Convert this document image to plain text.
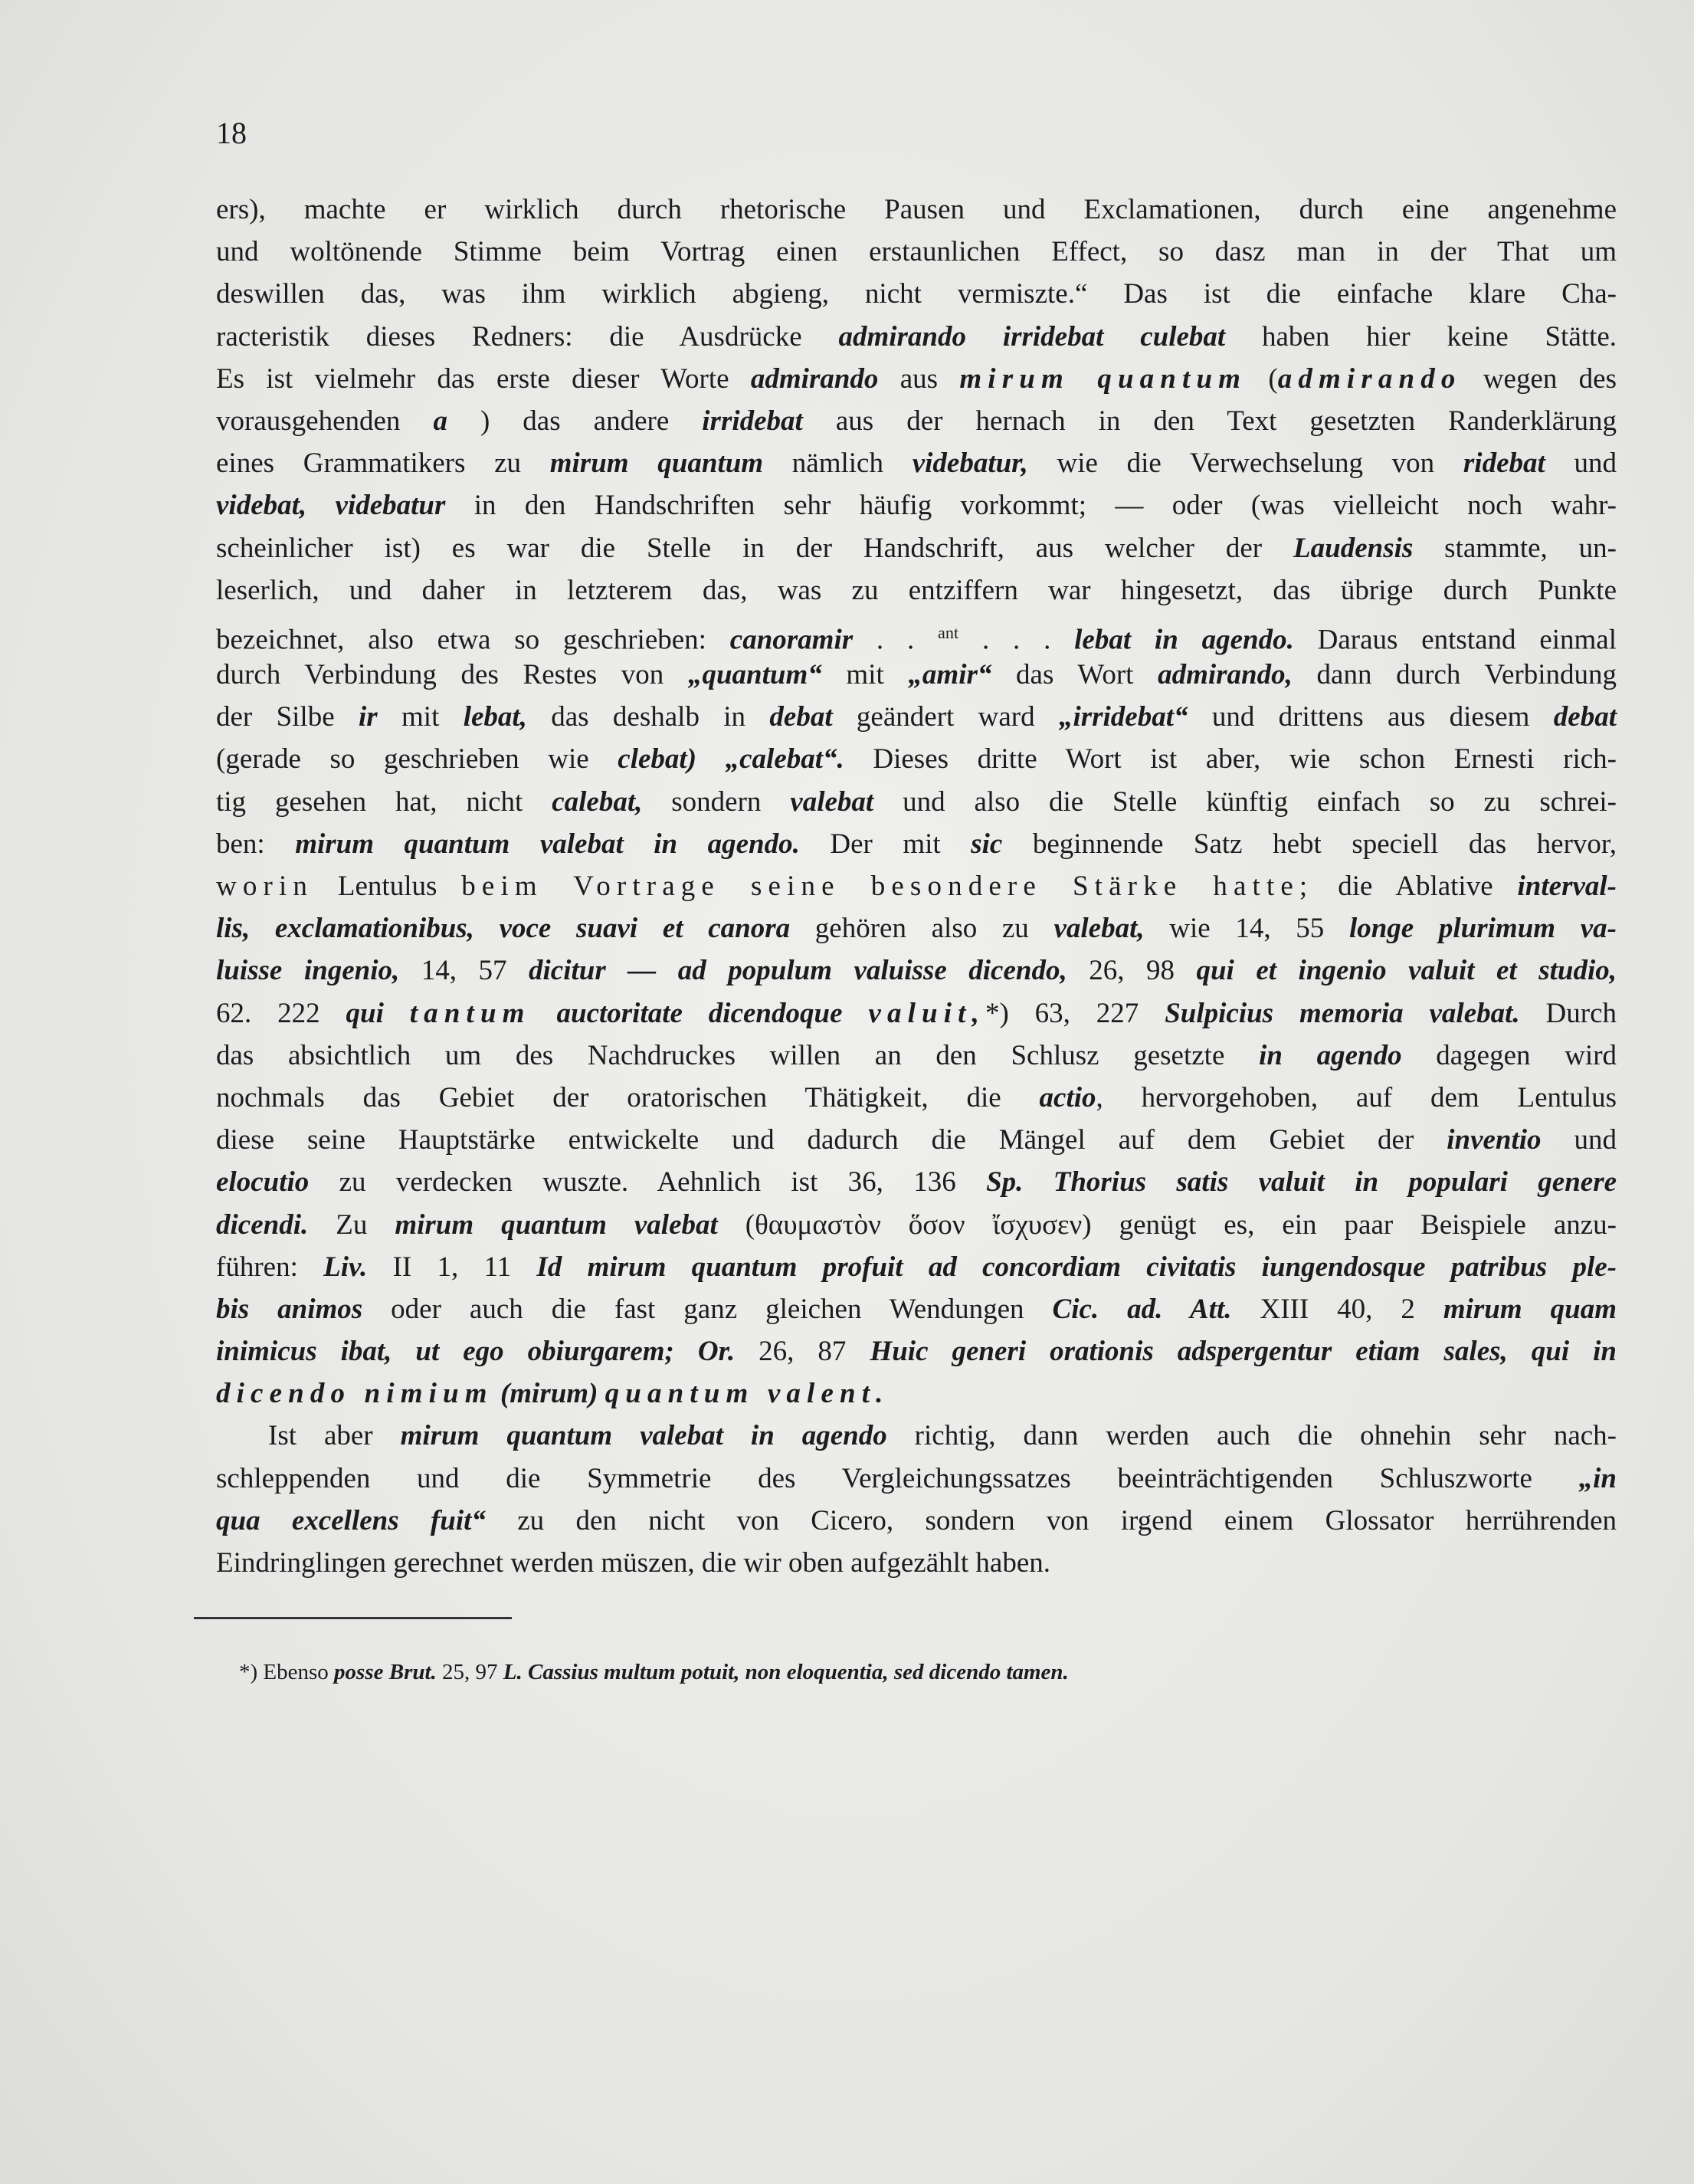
18
ers), machte er wirklich durch rhetorische Pausen und Exclamationen, durch eine angenehme
und woltönende Stimme beim Vortrag einen erstaunlichen Effect, so dasz man in der That um
deswillen das, was ihm wirklich abgieng, nicht vermiszte.“ Das ist die einfache klare Cha-
racteristik dieses Redners: die Ausdrücke admirando irridebat culebat haben hier keine Stätte.
Es ist vielmehr das erste dieser Worte admirando aus mirum quantum (admirando wegen des
vorausgehenden a ) das andere irridebat aus der hernach in den Text gesetzten Randerklärung
eines Grammatikers zu mirum quantum nämlich videbatur, wie die Verwechselung von ridebat und
videbat, videbatur in den Handschriften sehr häufig vorkommt; — oder (was vielleicht noch wahr-
scheinlicher ist) es war die Stelle in der Handschrift, aus welcher der Laudensis stammte, un-
leserlich, und daher in letzterem das, was zu entziffern war hingesetzt, das übrige durch Punkte
bezeichnet, also etwa so geschrieben: canoramir . . $^{ant}$ . . . lebat in agendo. Daraus entstand einmal
durch Verbindung des Restes von „quantum“ mit „amir“ das Wort admirando, dann durch Verbindung
der Silbe ir mit lebat, das deshalb in debat geändert ward „irridebat“ und drittens aus diesem debat
(gerade so geschrieben wie clebat) „calebat“. Dieses dritte Wort ist aber, wie schon Ernesti rich-
tig gesehen hat, nicht calebat, sondern valebat und also die Stelle künftig einfach so zu schrei-
ben: mirum quantum valebat in agendo. Der mit sic beginnende Satz hebt speciell das hervor,
worin Lentulus beim Vortrage seine besondere Stärke hatte; die Ablative interval-
lis, exclamationibus, voce suavi et canora gehören also zu valebat, wie 14, 55 longe plurimum va-
luisse ingenio, 14, 57 dicitur — ad populum valuisse dicendo, 26, 98 qui et ingenio valuit et studio,
62. 222 qui tantum auctoritate dicendoque valuit,*) 63, 227 Sulpicius memoria valebat. Durch
das absichtlich um des Nachdruckes willen an den Schlusz gesetzte in agendo dagegen wird
nochmals das Gebiet der oratorischen Thätigkeit, die actio, hervorgehoben, auf dem Lentulus
diese seine Hauptstärke entwickelte und dadurch die Mängel auf dem Gebiet der inventio und
elocutio zu verdecken wuszte. Aehnlich ist 36, 136 Sp. Thorius satis valuit in populari genere
dicendi. Zu mirum quantum valebat (θαυμαστὸν ὅσον ἴσχυσεν) genügt es, ein paar Beispiele anzu-
führen: Liv. II 1, 11 Id mirum quantum profuit ad concordiam civitatis iungendosque patribus ple-
bis animos oder auch die fast ganz gleichen Wendungen Cic. ad. Att. XIII 40, 2 mirum quam
inimicus ibat, ut ego obiurgarem; Or. 26, 87 Huic generi orationis adspergentur etiam sales, qui in
dicendo nimium (mirum) quantum valent.
Ist aber mirum quantum valebat in agendo richtig, dann werden auch die ohnehin sehr nach-
schleppenden und die Symmetrie des Vergleichungssatzes beeinträchtigenden Schluszworte „in
qua excellens fuit“ zu den nicht von Cicero, sondern von irgend einem Glossator herrührenden
Eindringlingen gerechnet werden müszen, die wir oben aufgezählt haben.
*) Ebenso posse Brut. 25, 97 L. Cassius multum potuit, non eloquentia, sed dicendo tamen.
